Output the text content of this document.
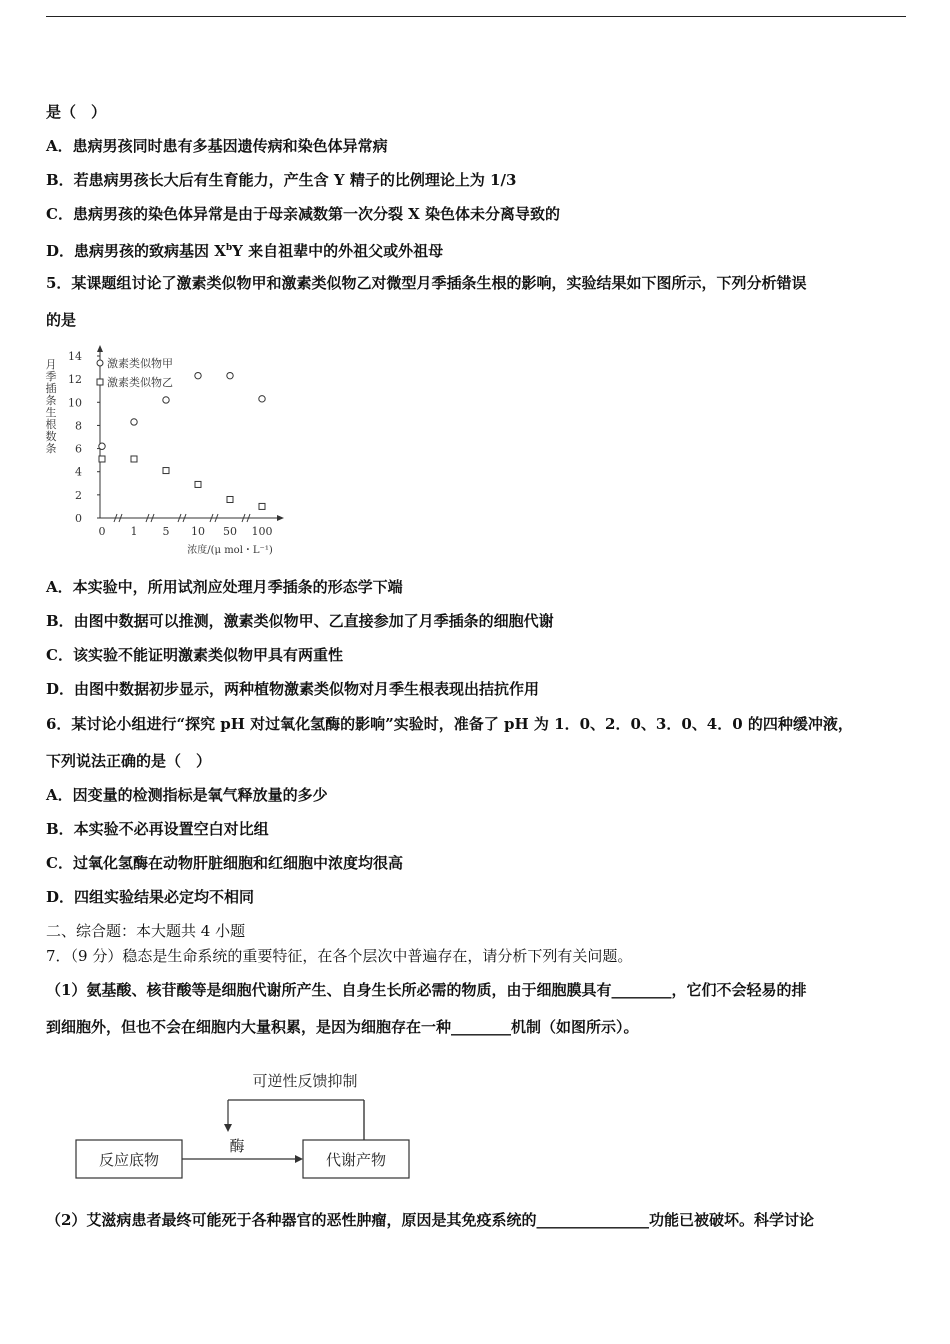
是（　）
A．患病男孩同时患有多基因遗传病和染色体异常病
B．若患病男孩长大后有生育能力，产生含 Y 精子的比例理论上为 1/3
C．患病男孩的染色体异常是由于母亲减数第一次分裂 X 染色体未分离导致的
D．患病男孩的致病基因 $X^bY$ 来自祖辈中的外祖父或外祖母
5．某课题组讨论了激素类似物甲和激素类似物乙对微型月季插条生根的影响，实验结果如下图所示，下列分析错误
的是
月
季
插
条
生
根
数
条
0
2
4
6
8
10
12
14
0 1 5 10 50 100
激素类似物甲
激素类似物乙
浓度/(μ mol・L⁻¹)
A．本实验中，所用试剂应处理月季插条的形态学下端
B．由图中数据可以推测，激素类似物甲、乙直接参加了月季插条的细胞代谢
C．该实验不能证明激素类似物甲具有两重性
D．由图中数据初步显示，两种植物激素类似物对月季生根表现出拮抗作用
6．某讨论小组进行“探究 pH 对过氧化氢酶的影响”实验时，准备了 pH 为 1．0、2．0、3．0、4．0 的四种缓冲液，
下列说法正确的是（　）
A．因变量的检测指标是氧气释放量的多少
B．本实验不必再设置空白对比组
C．过氧化氢酶在动物肝脏细胞和红细胞中浓度均很高
D．四组实验结果必定均不相同
二、综合题：本大题共 4 小题
7．（9 分）稳态是生命系统的重要特征，在各个层次中普遍存在，请分析下列有关问题。
（1）氨基酸、核苷酸等是细胞代谢所产生、自身生长所必需的物质，由于细胞膜具有________，它们不会轻易的排
到细胞外，但也不会在细胞内大量积累，是因为细胞存在一种________机制（如图所示）。
可逆性反馈抑制
反应底物
酶
代谢产物
（2）艾滋病患者最终可能死于各种器官的恶性肿瘤，原因是其免疫系统的_______________功能已被破坏。科学讨论
